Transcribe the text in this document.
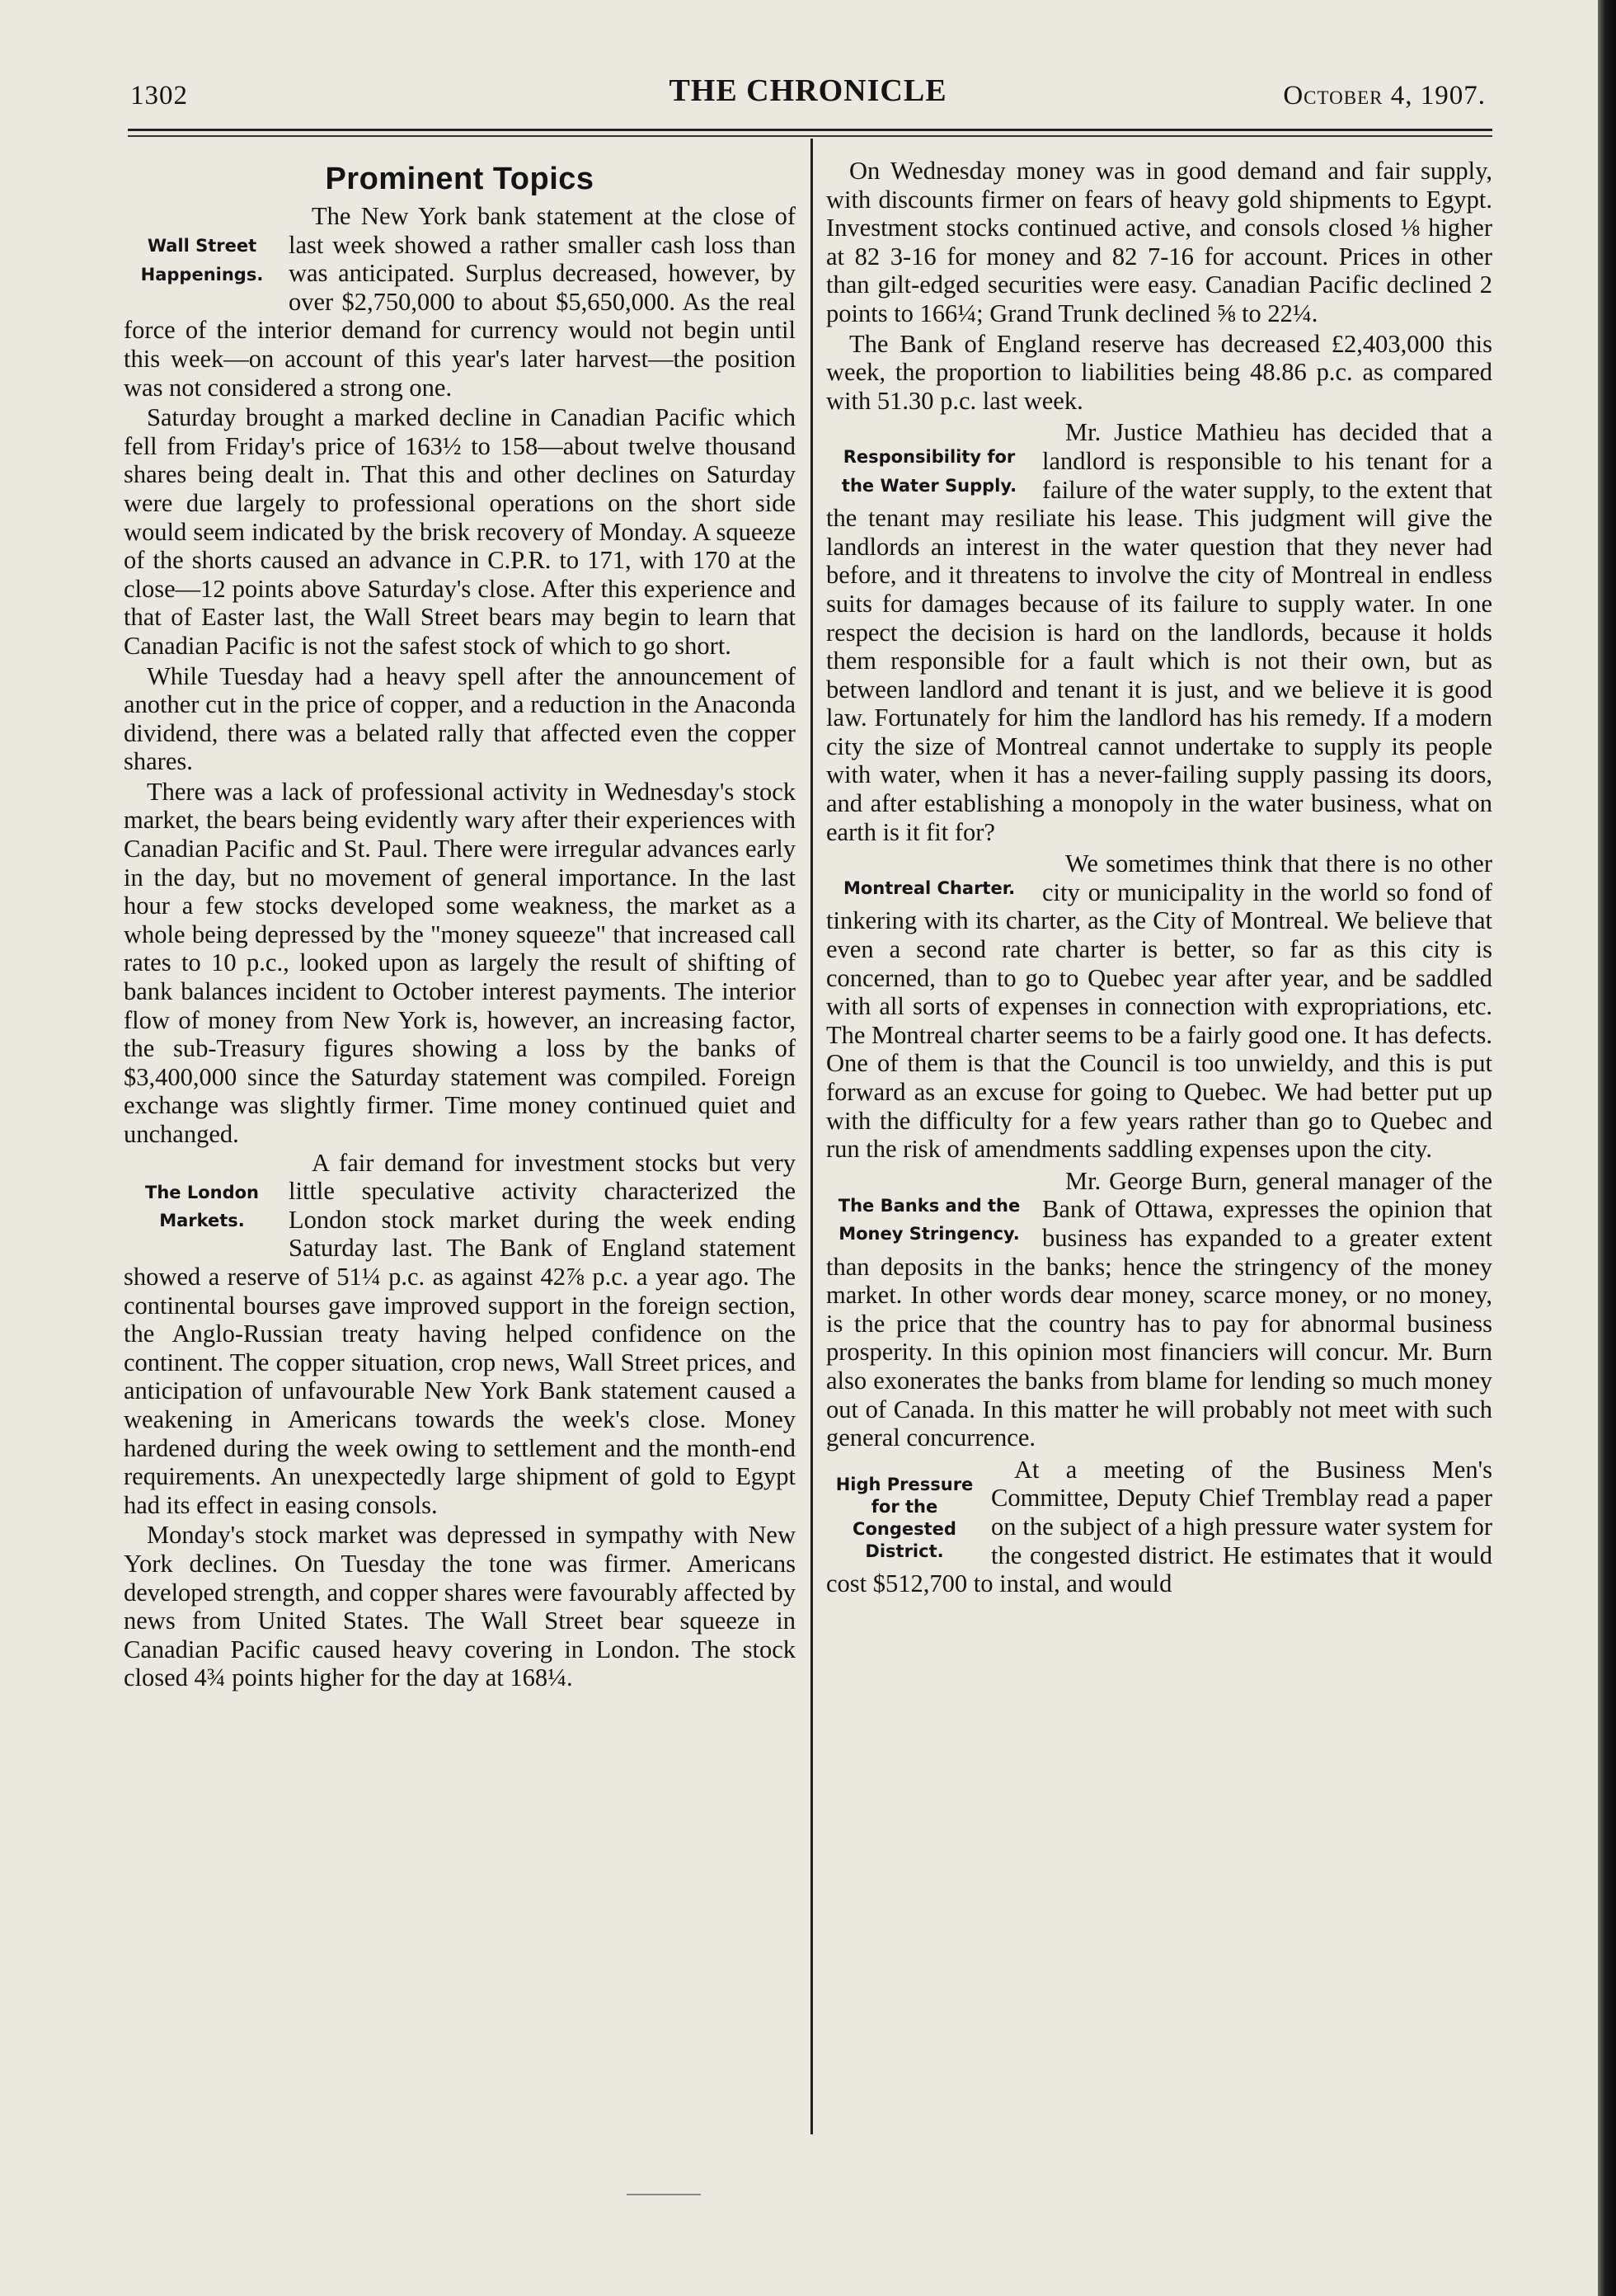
1302	THE CHRONICLE	October 4, 1907.
Prominent Topics
Wall Street
Happenings.

The New York bank statement at the close of last week showed a rather smaller cash loss than was anticipated. Surplus decreased, however, by over $2,750,000 to about $5,650,000. As the real force of the interior demand for currency would not begin until this week—on account of this year's later harvest—the position was not considered a strong one.

Saturday brought a marked decline in Canadian Pacific which fell from Friday's price of 163½ to 158—about twelve thousand shares being dealt in. That this and other declines on Saturday were due largely to professional operations on the short side would seem indicated by the brisk recovery of Monday. A squeeze of the shorts caused an advance in C.P.R. to 171, with 170 at the close—12 points above Saturday's close. After this experience and that of Easter last, the Wall Street bears may begin to learn that Canadian Pacific is not the safest stock of which to go short.

While Tuesday had a heavy spell after the announcement of another cut in the price of copper, and a reduction in the Anaconda dividend, there was a belated rally that affected even the copper shares.

There was a lack of professional activity in Wednesday's stock market, the bears being evidently wary after their experiences with Canadian Pacific and St. Paul. There were irregular advances early in the day, but no movement of general importance. In the last hour a few stocks developed some weakness, the market as a whole being depressed by the "money squeeze" that increased call rates to 10 p.c., looked upon as largely the result of shifting of bank balances incident to October interest payments. The interior flow of money from New York is, however, an increasing factor, the sub-Treasury figures showing a loss by the banks of $3,400,000 since the Saturday statement was compiled. Foreign exchange was slightly firmer. Time money continued quiet and unchanged.

The London
Markets.

A fair demand for investment stocks but very little speculative activity characterized the London stock market during the week ending Saturday last. The Bank of England statement showed a reserve of 51¼ p.c. as against 42⅞ p.c. a year ago. The continental bourses gave improved support in the foreign section, the Anglo-Russian treaty having helped confidence on the continent. The copper situation, crop news, Wall Street prices, and anticipation of unfavourable New York Bank statement caused a weakening in Americans towards the week's close. Money hardened during the week owing to settlement and the month-end requirements. An unexpectedly large shipment of gold to Egypt had its effect in easing consols.

Monday's stock market was depressed in sympathy with New York declines. On Tuesday the tone was firmer. Americans developed strength, and copper shares were favourably affected by news from United States. The Wall Street bear squeeze in Canadian Pacific caused heavy covering in London. The stock closed 4¾ points higher for the day at 168¼.

On Wednesday money was in good demand and fair supply, with discounts firmer on fears of heavy gold shipments to Egypt. Investment stocks continued active, and consols closed ⅛ higher at 82 3-16 for money and 82 7-16 for account. Prices in other than gilt-edged securities were easy. Canadian Pacific declined 2 points to 166¼; Grand Trunk declined ⅝ to 22¼.

The Bank of England reserve has decreased £2,403,000 this week, the proportion to liabilities being 48.86 p.c. as compared with 51.30 p.c. last week.

Responsibility for
the Water Supply.

Mr. Justice Mathieu has decided that a landlord is responsible to his tenant for a failure of the water supply, to the extent that the tenant may resiliate his lease. This judgment will give the landlords an interest in the water question that they never had before, and it threatens to involve the city of Montreal in endless suits for damages because of its failure to supply water. In one respect the decision is hard on the landlords, because it holds them responsible for a fault which is not their own, but as between landlord and tenant it is just, and we believe it is good law. Fortunately for him the landlord has his remedy. If a modern city the size of Montreal cannot undertake to supply its people with water, when it has a never-failing supply passing its doors, and after establishing a monopoly in the water business, what on earth is it fit for?

Montreal Charter.

We sometimes think that there is no other city or municipality in the world so fond of tinkering with its charter, as the City of Montreal. We believe that even a second rate charter is better, so far as this city is concerned, than to go to Quebec year after year, and be saddled with all sorts of expenses in connection with expropriations, etc. The Montreal charter seems to be a fairly good one. It has defects. One of them is that the Council is too unwieldy, and this is put forward as an excuse for going to Quebec. We had better put up with the difficulty for a few years rather than go to Quebec and run the risk of amendments saddling expenses upon the city.

The Banks and the
Money Stringency.

Mr. George Burn, general manager of the Bank of Ottawa, expresses the opinion that business has expanded to a greater extent than deposits in the banks; hence the stringency of the money market. In other words dear money, scarce money, or no money, is the price that the country has to pay for abnormal business prosperity. In this opinion most financiers will concur. Mr. Burn also exonerates the banks from blame for lending so much money out of Canada. In this matter he will probably not meet with such general concurrence.

High Pressure
for the Congested
District.

At a meeting of the Business Men's Committee, Deputy Chief Tremblay read a paper on the subject of a high pressure water system for the congested district. He estimates that it would cost $512,700 to instal, and would
